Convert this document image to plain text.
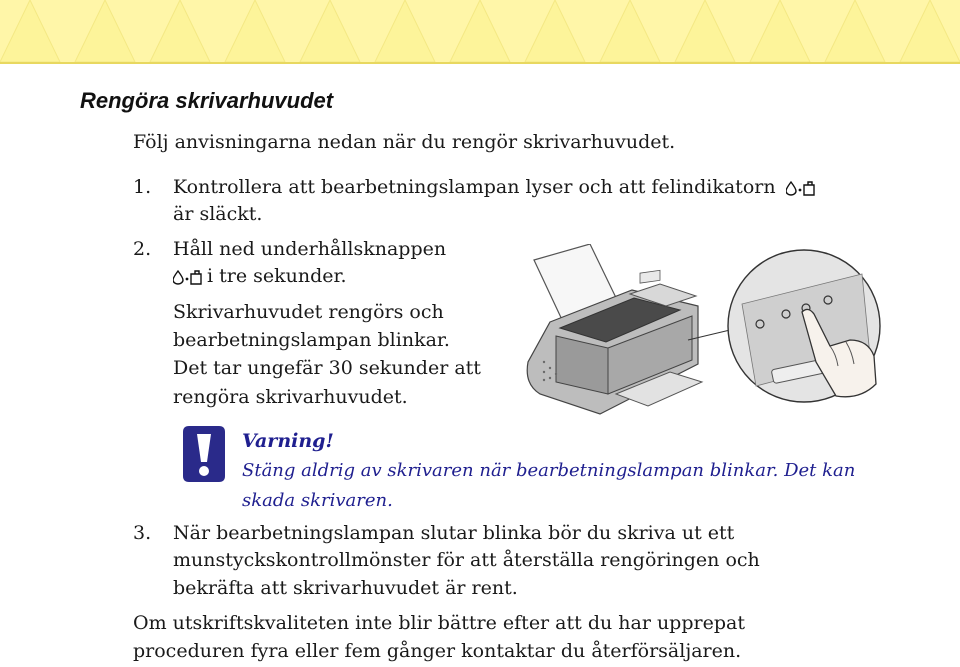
Rengöra skrivarhuvudet

Följ anvisningarna nedan när du rengör skrivarhuvudet.

1. Kontrollera att bearbetningslampan lyser och att felindikatorn

är släckt.

2. Håll ned underhållsknappen

i tre sekunder.

Skrivarhuvudet rengörs och

bearbetningslampan blinkar.

Det tar ungefär 30 sekunder att

rengöra skrivarhuvudet.

Varning!
Stäng aldrig av skrivaren när bearbetningslampan blinkar. Det kan
skada skrivaren.

3. När bearbetningslampan slutar blinka bör du skriva ut ett

munstyckskontrollmönster för att återställa rengöringen och

bekräfta att skrivarhuvudet är rent.

Om utskriftskvaliteten inte blir bättre efter att du har upprepat

proceduren fyra eller fem gånger kontaktar du återförsäljaren.
